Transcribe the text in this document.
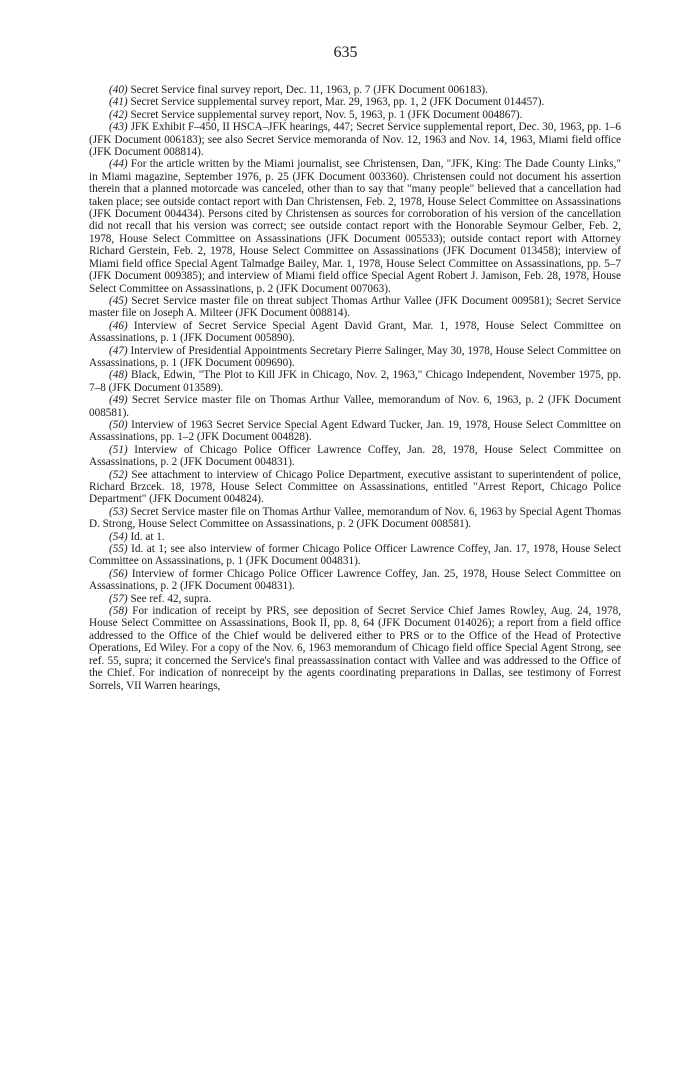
635

(40) Secret Service final survey report, Dec. 11, 1963, p. 7 (JFK Document 006183).

(41) Secret Service supplemental survey report, Mar. 29, 1963, pp. 1, 2 (JFK Document 014457).

(42) Secret Service supplemental survey report, Nov. 5, 1963, p. 1 (JFK Document 004867).

(43) JFK Exhibit F–450, II HSCA–JFK hearings, 447; Secret Service supplemental report, Dec. 30, 1963, pp. 1–6 (JFK Document 006183); see also Secret Service memoranda of Nov. 12, 1963 and Nov. 14, 1963, Miami field office (JFK Document 008814).

(44) For the article written by the Miami journalist, see Christensen, Dan, "JFK, King: The Dade County Links," in Miami magazine, September 1976, p. 25 (JFK Document 003360). Christensen could not document his assertion therein that a planned motorcade was canceled, other than to say that "many people" believed that a cancellation had taken place; see outside contact report with Dan Christensen, Feb. 2, 1978, House Select Committee on Assassinations (JFK Document 004434). Persons cited by Christensen as sources for corroboration of his version of the cancellation did not recall that his version was correct; see outside contact report with the Honorable Seymour Gelber, Feb. 2, 1978, House Select Committee on Assassinations (JFK Document 005533); outside contact report with Attorney Richard Gerstein, Feb. 2, 1978, House Select Committee on Assassinations (JFK Document 013458); interview of Miami field office Special Agent Talmadge Bailey, Mar. 1, 1978, House Select Committee on Assassinations, pp. 5–7 (JFK Document 009385); and interview of Miami field office Special Agent Robert J. Jamison, Feb. 28, 1978, House Select Committee on Assassinations, p. 2 (JFK Document 007063).

(45) Secret Service master file on threat subject Thomas Arthur Vallee (JFK Document 009581); Secret Service master file on Joseph A. Milteer (JFK Document 008814).

(46) Interview of Secret Service Special Agent David Grant, Mar. 1, 1978, House Select Committee on Assassinations, p. 1 (JFK Document 005890).

(47) Interview of Presidential Appointments Secretary Pierre Salinger, May 30, 1978, House Select Committee on Assassinations, p. 1 (JFK Document 009690).

(48) Black, Edwin, "The Plot to Kill JFK in Chicago, Nov. 2, 1963," Chicago Independent, November 1975, pp. 7–8 (JFK Document 013589).

(49) Secret Service master file on Thomas Arthur Vallee, memorandum of Nov. 6, 1963, p. 2 (JFK Document 008581).

(50) Interview of 1963 Secret Service Special Agent Edward Tucker, Jan. 19, 1978, House Select Committee on Assassinations, pp. 1–2 (JFK Document 004828).

(51) Interview of Chicago Police Officer Lawrence Coffey, Jan. 28, 1978, House Select Committee on Assassinations, p. 2 (JFK Document 004831).

(52) See attachment to interview of Chicago Police Department, executive assistant to superintendent of police, Richard Brzcek. 18, 1978, House Select Committee on Assassinations, entitled "Arrest Report, Chicago Police Department" (JFK Document 004824).

(53) Secret Service master file on Thomas Arthur Vallee, memorandum of Nov. 6, 1963 by Special Agent Thomas D. Strong, House Select Committee on Assassinations, p. 2 (JFK Document 008581).

(54) Id. at 1.

(55) Id. at 1; see also interview of former Chicago Police Officer Lawrence Coffey, Jan. 17, 1978, House Select Committee on Assassinations, p. 1 (JFK Document 004831).

(56) Interview of former Chicago Police Officer Lawrence Coffey, Jan. 25, 1978, House Select Committee on Assassinations, p. 2 (JFK Document 004831).

(57) See ref. 42, supra.

(58) For indication of receipt by PRS, see deposition of Secret Service Chief James Rowley, Aug. 24, 1978, House Select Committee on Assassinations, Book II, pp. 8, 64 (JFK Document 014026); a report from a field office addressed to the Office of the Chief would be delivered either to PRS or to the Office of the Head of Protective Operations, Ed Wiley. For a copy of the Nov. 6, 1963 memorandum of Chicago field office Special Agent Strong, see ref. 55, supra; it concerned the Service's final preassassination contact with Vallee and was addressed to the Office of the Chief. For indication of nonreceipt by the agents coordinating preparations in Dallas, see testimony of Forrest Sorrels, VII Warren hearings,
